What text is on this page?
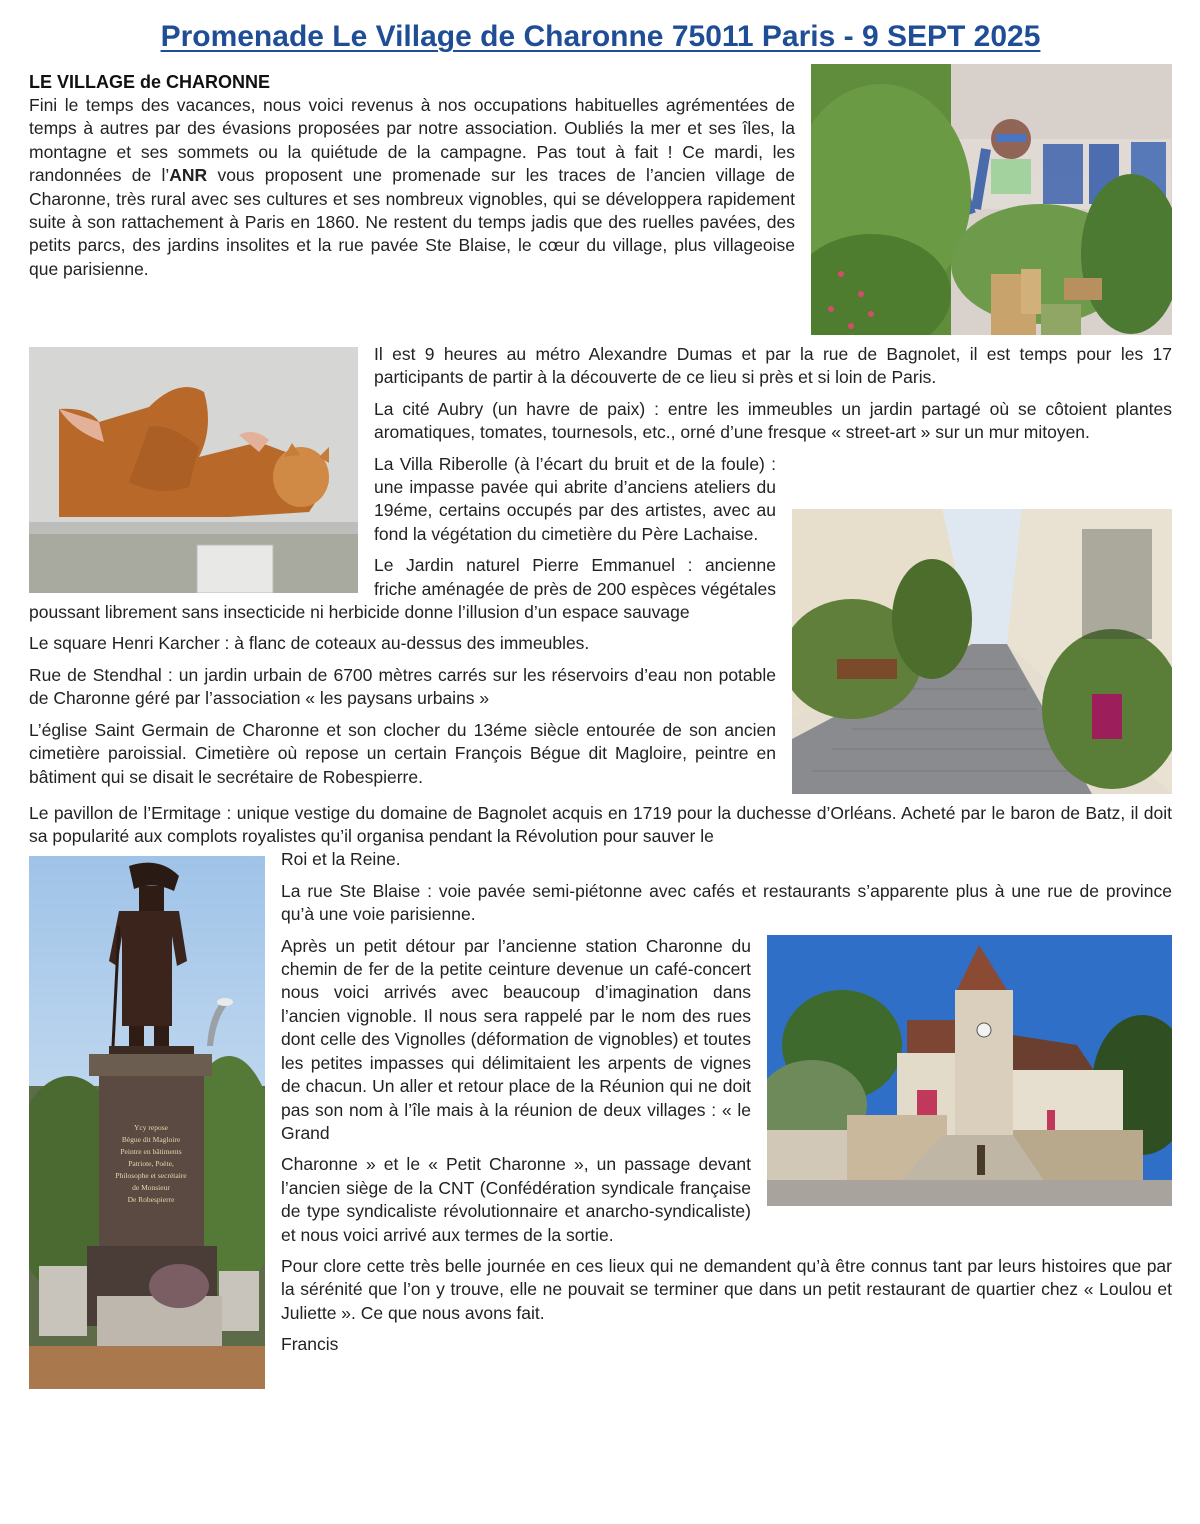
Promenade Le Village de Charonne 75011 Paris - 9 SEPT 2025
LE VILLAGE de CHARONNE
Fini le temps des vacances, nous voici revenus à nos occupations habituelles agrémentées de temps à autres par des évasions proposées par notre association. Oubliés la mer et ses îles, la montagne et ses sommets ou la quiétude de la campagne. Pas tout à fait ! Ce mardi, les randonnées de l’ANR vous proposent une promenade sur les traces de l’ancien village de Charonne, très rural avec ses cultures et ses nombreux vignobles, qui se développera rapidement suite à son rattachement à Paris en 1860. Ne restent du temps jadis que des ruelles pavées, des petits parcs, des jardins insolites et la rue pavée Ste Blaise, le cœur du village, plus villageoise que parisienne.
Il est 9 heures au métro Alexandre Dumas et par la rue de Bagnolet, il est temps pour les 17 participants de partir à la découverte de ce lieu si près et si loin de Paris.
La cité Aubry (un havre de paix) : entre les immeubles un jardin partagé où se côtoient plantes aromatiques, tomates, tournesols, etc., orné d’une fresque « street-art » sur un mur mitoyen.
La Villa Riberolle (à l’écart du bruit et de la foule) : une impasse pavée qui abrite d’anciens ateliers du 19éme, certains occupés par des artistes, avec au fond la végétation du cimetière du Père Lachaise.
Le Jardin naturel Pierre Emmanuel : ancienne friche aménagée de près de 200 espèces végétales poussant librement sans insecticide ni herbicide donne l’illusion d’un espace sauvage
Le square Henri Karcher : à flanc de coteaux au-dessus des immeubles.
Rue de Stendhal : un jardin urbain de 6700 mètres carrés sur les réservoirs d’eau non potable de Charonne géré par l’association « les paysans urbains »
L’église Saint Germain de Charonne et son clocher du 13éme siècle entourée de son ancien cimetière paroissial. Cimetière où repose un certain François Bégue dit Magloire, peintre en bâtiment qui se disait le secrétaire de Robespierre.
Le pavillon de l’Ermitage : unique vestige du domaine de Bagnolet acquis en 1719 pour la duchesse d’Orléans. Acheté par le baron de Batz, il doit sa popularité aux complots royalistes qu’il organisa pendant la Révolution pour sauver le
Ycy repose
Bègue dit Magloire
Peintre en bâtiments
Patriote, Poète,
Philosophe et secrétaire
de Monsieur
De Robespierre
Roi et la Reine.
La rue Ste Blaise : voie pavée semi-piétonne avec cafés et restaurants s’apparente plus à une rue de province qu’à une voie parisienne.
Après un petit détour par l’ancienne station Charonne du chemin de fer de la petite ceinture devenue un café-concert nous voici arrivés avec beaucoup d’imagination dans l’ancien vignoble. Il nous sera rappelé par le nom des rues dont celle des Vignolles (déformation de vignobles) et toutes les petites impasses qui délimitaient les arpents de vignes de chacun. Un aller et retour place de la Réunion qui ne doit pas son nom à l’île mais à la réunion de deux villages : « le Grand
Charonne » et le « Petit Charonne », un passage devant l’ancien siège de la CNT (Confédération syndicale française de type syndicaliste révolutionnaire et anarcho-syndicaliste) et nous voici arrivé aux termes de la sortie.
Pour clore cette très belle journée en ces lieux qui ne demandent qu’à être connus tant par leurs histoires que par la sérénité que l’on y trouve, elle ne pouvait se terminer que dans un petit restaurant de quartier chez « Loulou et Juliette ». Ce que nous avons fait.
Francis
